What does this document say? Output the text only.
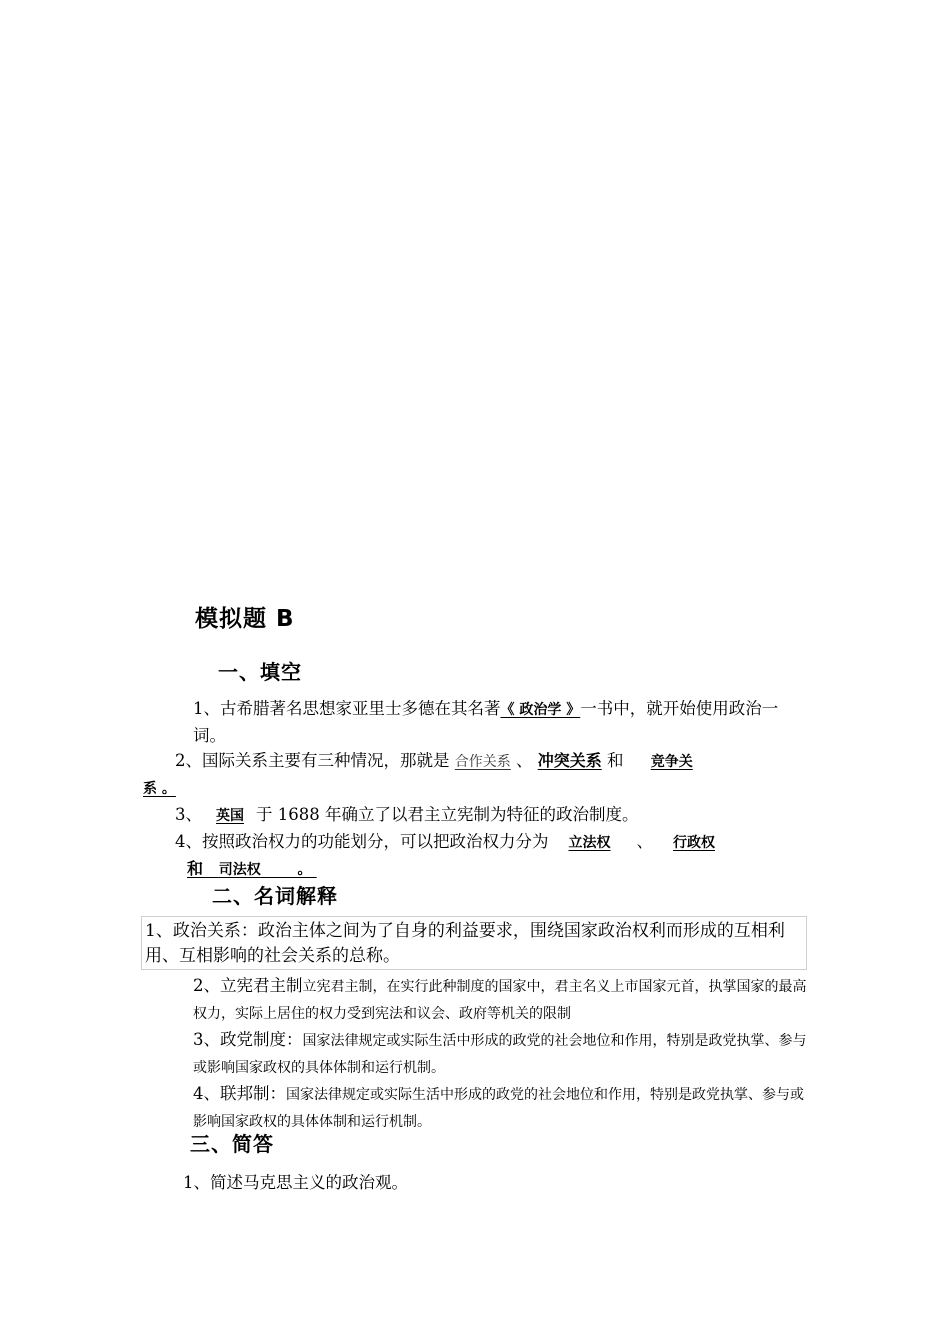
模拟题 B
一、填空

1、古希腊著名思想家亚里士多德在其名著《 政治学 》一书中，就开始使用政治一词。

2、国际关系主要有三种情况，那就是 合作关系 、 冲突关系 和 竞争关

系 。

3、 英国 于 1688 年确立了以君主立宪制为特征的政治制度。

4、按照政治权力的功能划分，可以把政治权力分为 立法权 、 行政权

和 司法权	。

二、名词解释
1、政治关系：政治主体之间为了自身的利益要求，围绕国家政治权利而形成的互相利用、互相影响的社会关系的总称。

2、立宪君主制立宪君主制，在实行此种制度的国家中，君主名义上市国家元首，执掌国家的最高权力，实际上居住的权力受到宪法和议会、政府等机关的限制

3、政党制度：国家法律规定或实际生活中形成的政党的社会地位和作用，特别是政党执掌、参与或影响国家政权的具体体制和运行机制。

4、联邦制：国家法律规定或实际生活中形成的政党的社会地位和作用，特别是政党执掌、参与或影响国家政权的具体体制和运行机制。

三、简答

1、简述马克思主义的政治观。
